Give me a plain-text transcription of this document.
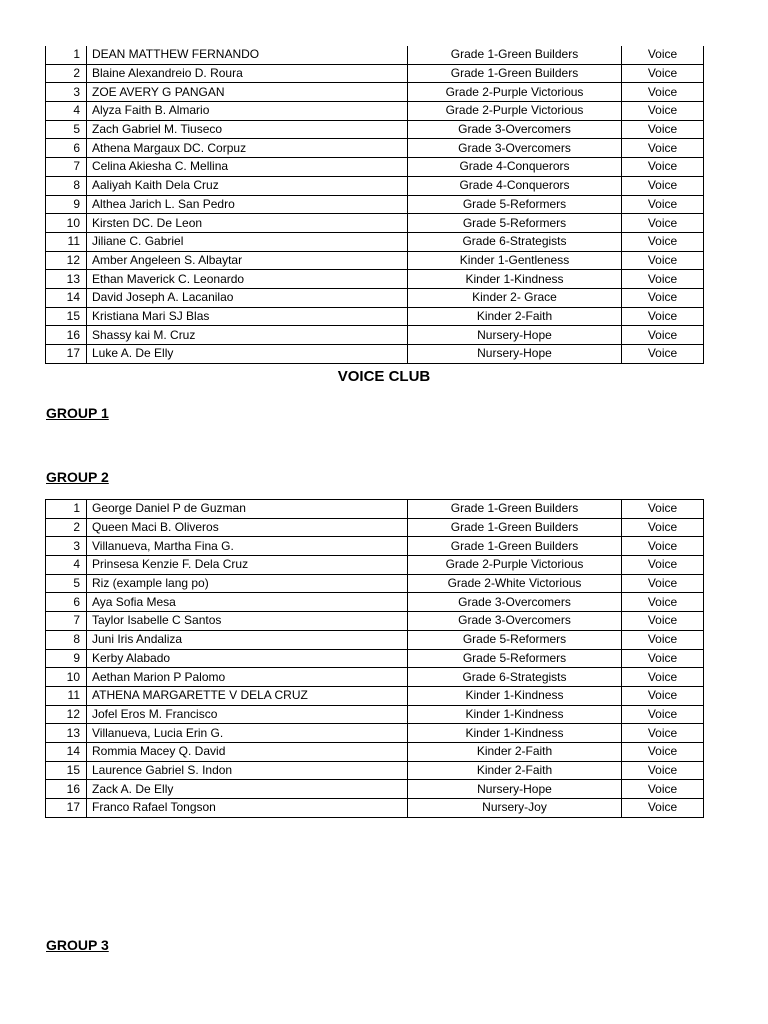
1	DEAN MATTHEW FERNANDO	Grade 1-Green Builders	Voice
2	Blaine Alexandreio D. Roura	Grade 1-Green Builders	Voice
3	ZOE AVERY G PANGAN	Grade 2-Purple Victorious	Voice
4	Alyza Faith B. Almario	Grade 2-Purple Victorious	Voice
5	Zach Gabriel M. Tiuseco	Grade 3-Overcomers	Voice
6	Athena Margaux DC. Corpuz	Grade 3-Overcomers	Voice
7	Celina Akiesha C. Mellina	Grade 4-Conquerors	Voice
8	Aaliyah Kaith Dela Cruz	Grade 4-Conquerors	Voice
9	Althea Jarich L. San Pedro	Grade 5-Reformers	Voice
10	Kirsten DC. De Leon	Grade 5-Reformers	Voice
11	Jiliane C. Gabriel	Grade 6-Strategists	Voice
12	Amber Angeleen S. Albaytar	Kinder 1-Gentleness	Voice
13	Ethan Maverick C. Leonardo	Kinder 1-Kindness	Voice
14	David Joseph A. Lacanilao	Kinder 2- Grace	Voice
15	Kristiana Mari SJ Blas	Kinder 2-Faith	Voice
16	Shassy kai M. Cruz	Nursery-Hope	Voice
17	Luke A. De Elly	Nursery-Hope	Voice
VOICE CLUB
GROUP 1
GROUP 2
1	George Daniel P de Guzman	Grade 1-Green Builders	Voice
2	Queen Maci B. Oliveros	Grade 1-Green Builders	Voice
3	Villanueva, Martha Fina G.	Grade 1-Green Builders	Voice
4	Prinsesa Kenzie F. Dela Cruz	Grade 2-Purple Victorious	Voice
5	Riz (example lang po)	Grade 2-White Victorious	Voice
6	Aya Sofia Mesa	Grade 3-Overcomers	Voice
7	Taylor Isabelle C Santos	Grade 3-Overcomers	Voice
8	Juni Iris Andaliza	Grade 5-Reformers	Voice
9	Kerby Alabado	Grade 5-Reformers	Voice
10	Aethan Marion P Palomo	Grade 6-Strategists	Voice
11	ATHENA MARGARETTE V DELA CRUZ	Kinder 1-Kindness	Voice
12	Jofel Eros M. Francisco	Kinder 1-Kindness	Voice
13	Villanueva, Lucia Erin G.	Kinder 1-Kindness	Voice
14	Rommia Macey Q. David	Kinder 2-Faith	Voice
15	Laurence Gabriel S. Indon	Kinder 2-Faith	Voice
16	Zack A. De Elly	Nursery-Hope	Voice
17	Franco Rafael Tongson	Nursery-Joy	Voice
GROUP 3
